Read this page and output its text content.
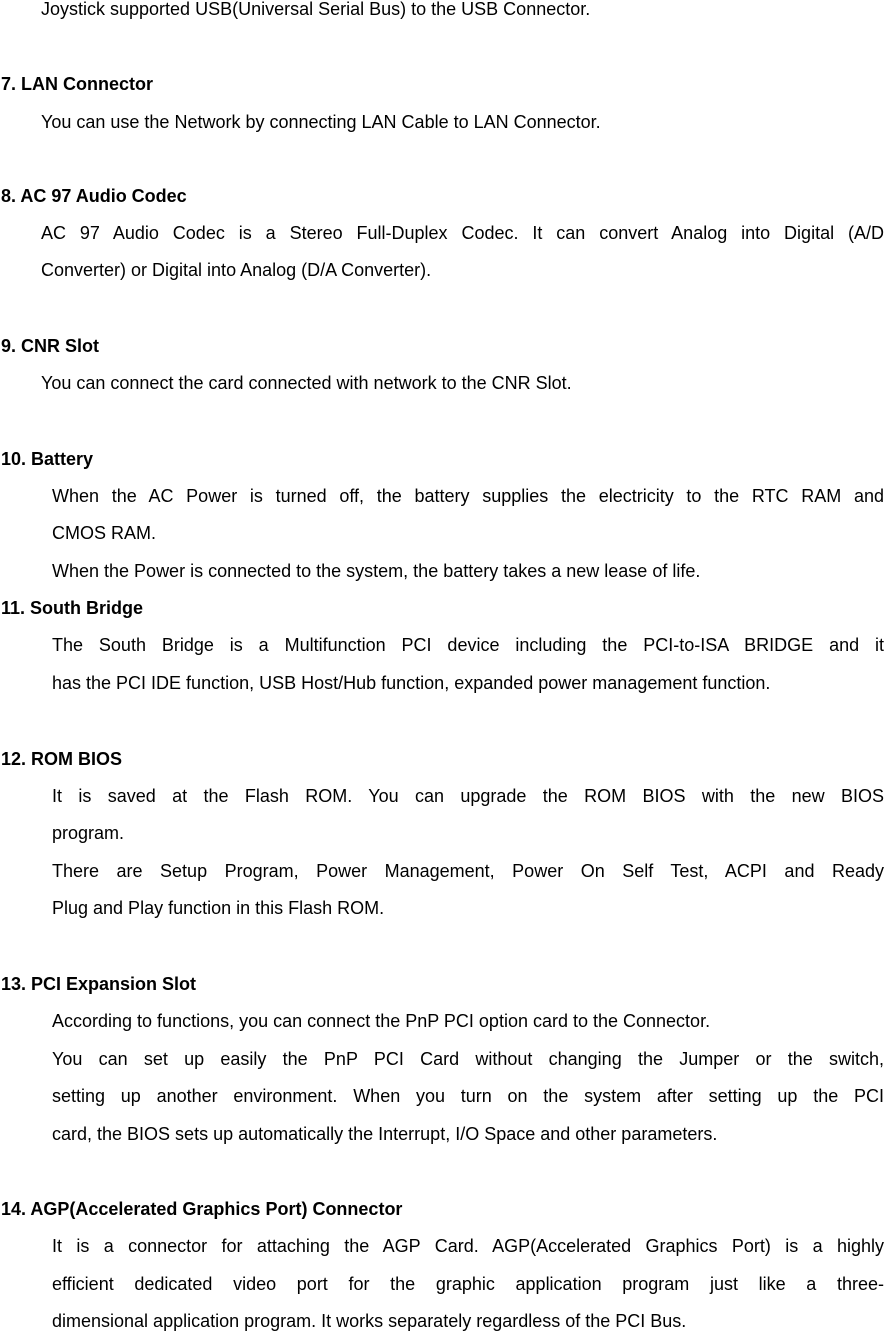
Joystick supported USB(Universal Serial Bus) to the USB Connector.
7. LAN Connector
You can use the Network by connecting LAN Cable to LAN Connector.
8. AC 97 Audio Codec
AC 97 Audio Codec is a Stereo Full-Duplex Codec. It can convert Analog into Digital (A/D
Converter) or Digital into Analog (D/A Converter).
9. CNR Slot
You can connect the card connected with network to the CNR Slot.
10. Battery
When the AC Power is turned off, the battery supplies the electricity to the RTC RAM and
CMOS RAM.
When the Power is connected to the system, the battery takes a new lease of life.
11. South Bridge
The South Bridge is a Multifunction PCI device including the PCI-to-ISA BRIDGE and it
has the PCI IDE function, USB Host/Hub function, expanded power management function.
12. ROM BIOS
It is saved at the Flash ROM. You can upgrade the ROM BIOS with the new BIOS
program.
There are Setup Program, Power Management, Power On Self Test, ACPI and Ready
Plug and Play function in this Flash ROM.
13. PCI Expansion Slot
According to functions, you can connect the PnP PCI option card to the Connector.
You can set up easily the PnP PCI Card without changing the Jumper or the switch,
setting up another environment. When you turn on the system after setting up the PCI
card, the BIOS sets up automatically the Interrupt, I/O Space and other parameters.
14. AGP(Accelerated Graphics Port) Connector
It is a connector for attaching the AGP Card. AGP(Accelerated Graphics Port) is a highly
efficient dedicated video port for the graphic application program just like a three-
dimensional application program. It works separately regardless of the PCI Bus.
